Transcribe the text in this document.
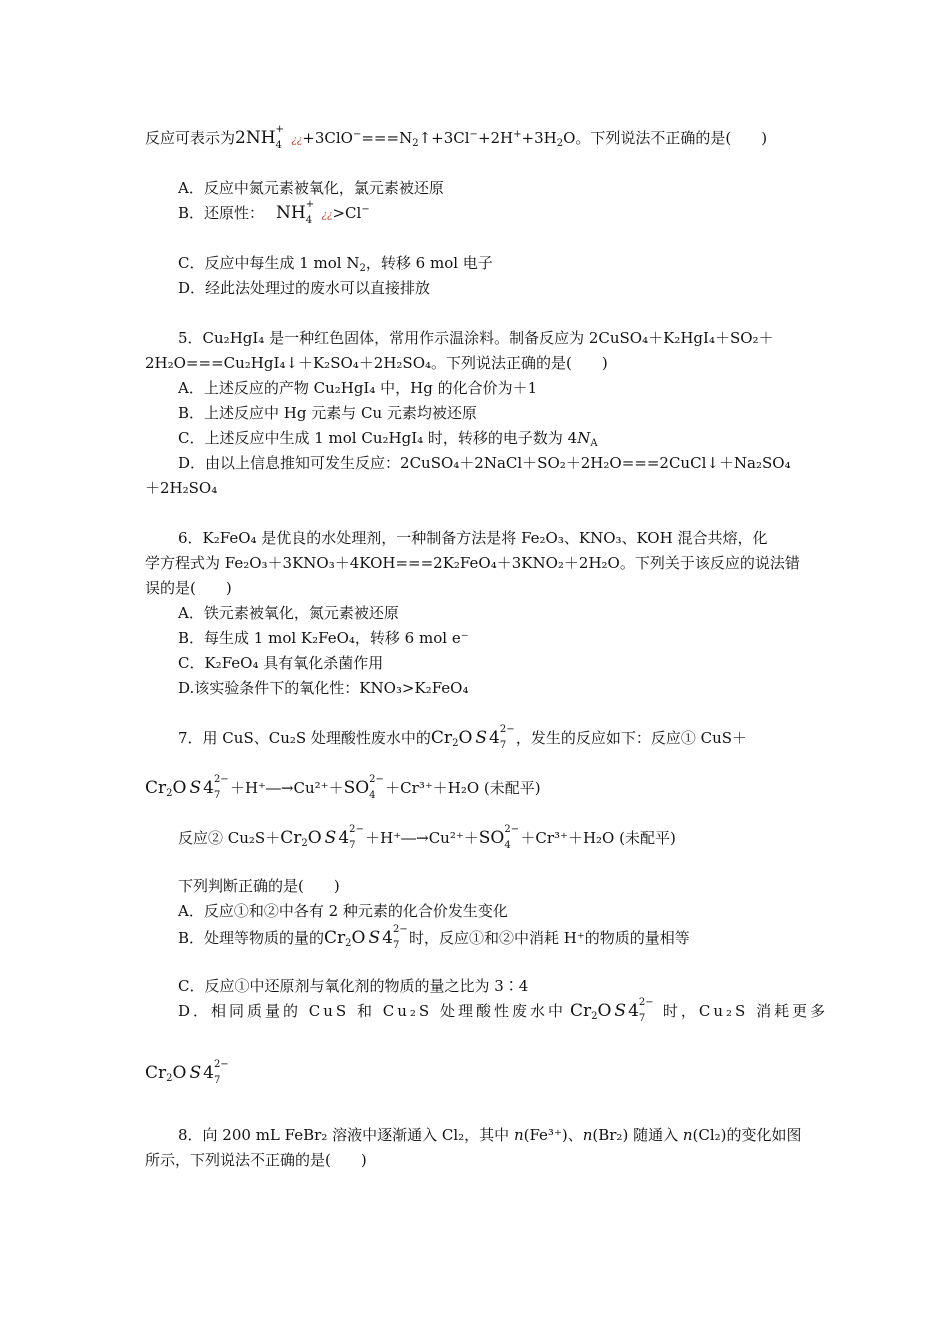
反应可表示为2NH +
4 ¿¿$+3ClO^-===N_2↑+3Cl^-+2H^++3H_2O$。下列说法不正确的是(　　)
A．反应中氮元素被氧化，氯元素被还原
B．还原性： NH +
4 ¿¿>Cl−
C．反应中每生成 1 mol $N_2$，转移 6 mol 电子
D．经此法处理过的废水可以直接排放
5．Cu₂HgI₄ 是一种红色固体，常用作示温涂料。制备反应为 2CuSO₄＋K₂HgI₄＋SO₂＋
2H₂O===Cu₂HgI₄↓＋K₂SO₄＋2H₂SO₄。下列说法正确的是(　　)
A．上述反应的产物 Cu₂HgI₄ 中，Hg 的化合价为＋1
B．上述反应中 Hg 元素与 Cu 元素均被还原
C．上述反应中生成 1 mol Cu₂HgI₄ 时，转移的电子数为 $4N_A$
D．由以上信息推知可发生反应：2CuSO₄＋2NaCl＋SO₂＋2H₂O===2CuCl↓＋Na₂SO₄
＋2H₂SO₄
6．K₂FeO₄ 是优良的水处理剂，一种制备方法是将 Fe₂O₃、KNO₃、KOH 混合共熔，化
学方程式为 Fe₂O₃＋3KNO₃＋4KOH===2K₂FeO₄＋3KNO₂＋2H₂O。下列关于该反应的说法错
误的是(　　)
A．铁元素被氧化，氮元素被还原
B．每生成 1 mol K₂FeO₄，转移 6 mol e⁻
C．K₂FeO₄ 具有氧化杀菌作用
D.该实验条件下的氧化性：KNO₃>K₂FeO₄
7．用 CuS、Cu₂S 处理酸性废水中的$Cr_2O$ S 4 2−
7 ，发生的反应如下：反应① CuS＋
$Cr_2O$ S 4 2−
7 ＋H⁺―→Cu²⁺＋SO 2−
4 ＋Cr³⁺＋H₂O (未配平)
反应② $Cu_2S+Cr_2O$ S 4 2−
7 ＋H⁺―→Cu²⁺＋SO 2−
4 ＋Cr³⁺＋H₂O (未配平)
下列判断正确的是(　　)
A．反应①和②中各有 2 种元素的化合价发生变化
B．处理等物质的量的$Cr_2O$ S 4 2−
7 时，反应①和②中消耗 H⁺的物质的量相等
C．反应①中还原剂与氧化剂的物质的量之比为 3∶4
D．相同质量的 CuS 和 Cu₂S 处理酸性废水中 $Cr_2O$ S 4 2−
7 时，Cu₂S 消耗更多
$Cr_2O$ S 4 2−
7
8．向 200 mL FeBr₂ 溶液中逐渐通入 Cl₂，其中 n(Fe³⁺)、n(Br₂) 随通入 n(Cl₂)的变化如图
所示，下列说法不正确的是(　　)
